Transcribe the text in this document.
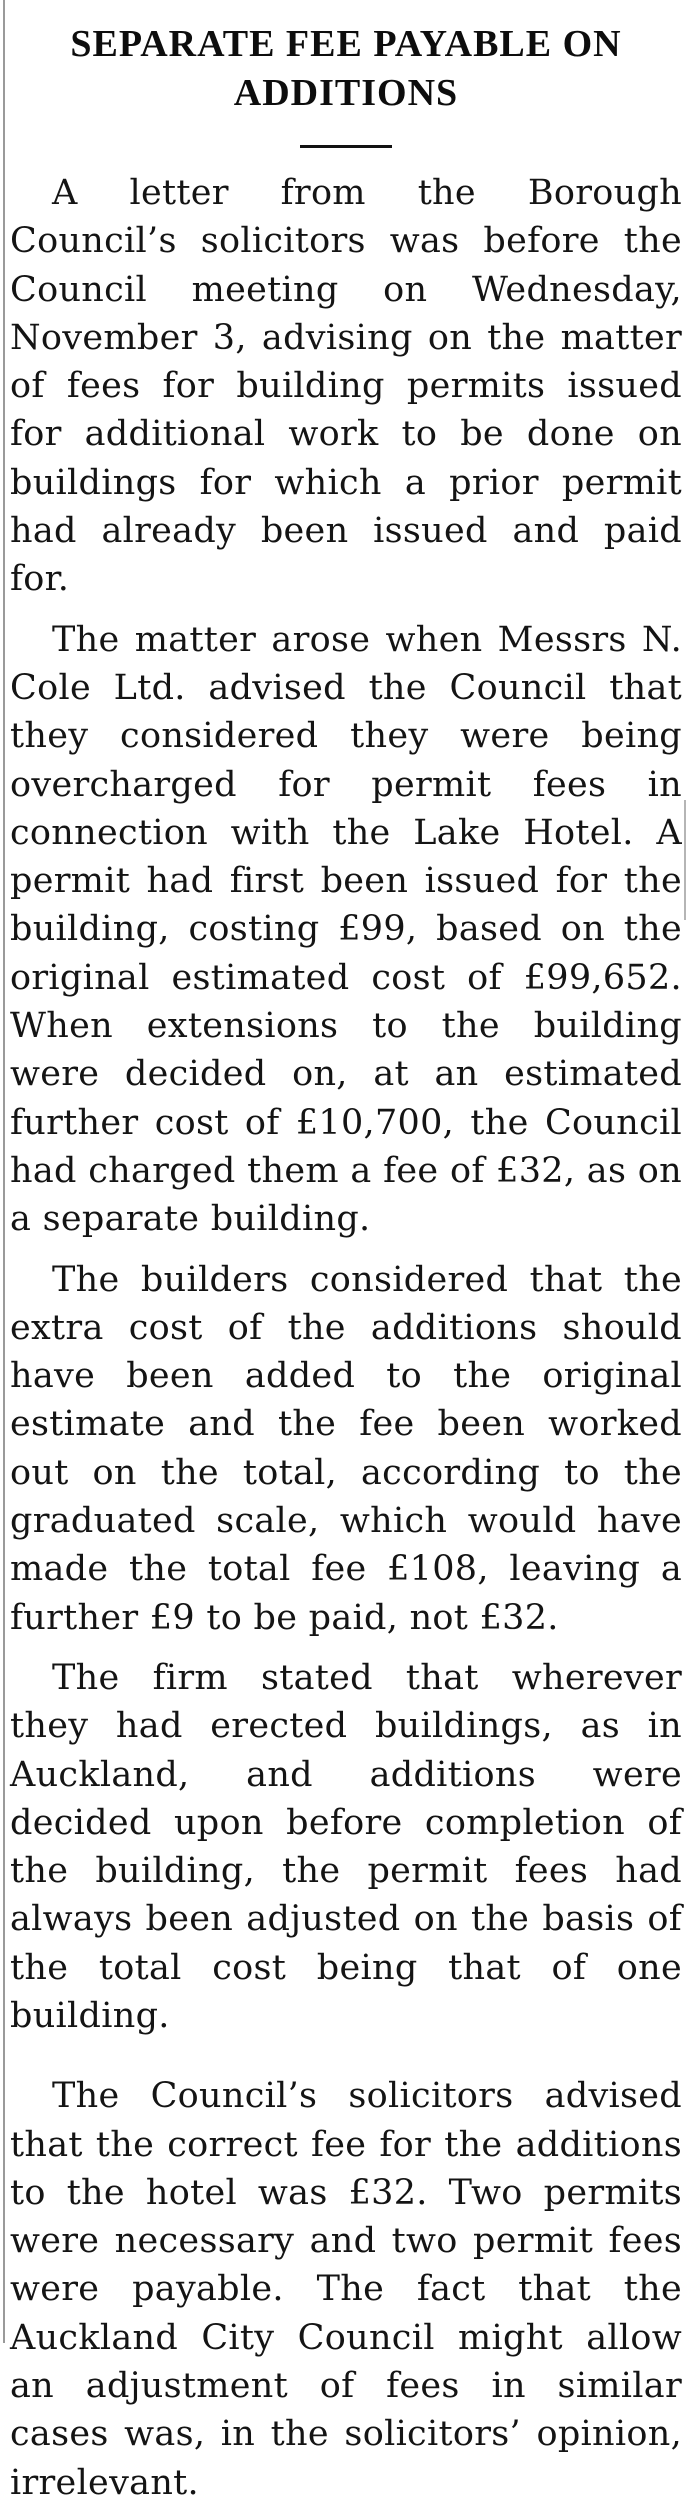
SEPARATE FEE PAYABLE ON ADDITIONS

A letter from the Borough Council’s solicitors was before the Council meeting on Wednesday, November 3, advising on the matter of fees for building permits issued for additional work to be done on buildings for which a prior permit had already been issued and paid for.

The matter arose when Messrs N. Cole Ltd. advised the Council that they considered they were being overcharged for permit fees in connection with the Lake Hotel. A permit had first been issued for the building, costing £99, based on the original estimated cost of £99,652. When extensions to the building were decided on, at an estimated further cost of £10,700, the Council had charged them a fee of £32, as on a separate building.

The builders considered that the extra cost of the additions should have been added to the original estimate and the fee been worked out on the total, according to the graduated scale, which would have made the total fee £108, leaving a further £9 to be paid, not £32.

The firm stated that wherever they had erected buildings, as in Auckland, and additions were decided upon before completion of the building, the permit fees had always been adjusted on the basis of the total cost being that of one building.

The Council’s solicitors advised that the correct fee for the additions to the hotel was £32. Two permits were necessary and two permit fees were payable. The fact that the Auckland City Council might allow an adjustment of fees in similar cases was, in the solicitors’ opinion, irrelevant.
